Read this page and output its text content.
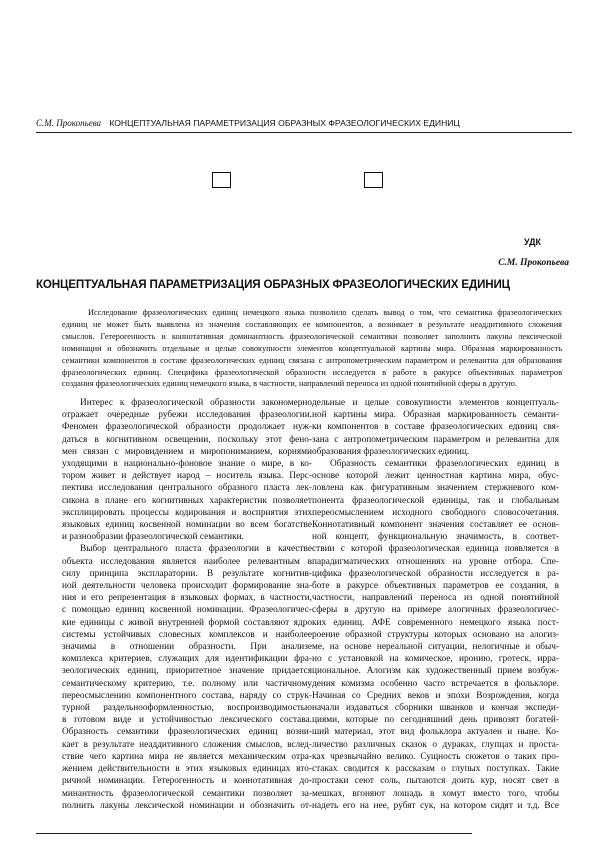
С.М. Прокопьева КОНЦЕПТУАЛЬНАЯ ПАРАМЕТРИЗАЦИЯ ОБРАЗНЫХ ФРАЗЕОЛОГИЧЕСКИХ ЕДИНИЦ
УДК
С.М. Прокопьева
КОНЦЕПТУАЛЬНАЯ ПАРАМЕТРИЗАЦИЯ ОБРАЗНЫХ ФРАЗЕОЛОГИЧЕСКИХ ЕДИНИЦ
Исследование фразеологических единиц немецкого языка позволило сделать вывод о том, что семантика фразеологических
единиц не может быть выявлена из значения составляющих ее компонентов, а возникает в результате неаддитивного сложения
смыслов. Гетерогенность и коннотативная доминантность фразеологической семантики позволяет заполнить лакуны лексической
номинации и обозначить отдельные и целые совокупности элементов концептуальной картины мира. Образная маркированность
семантики компонентов в составе фразеологических единиц связана с антропометрическим параметром и релевантна для образования
фразеологических единиц. Специфика фразеологической образности исследуется в работе в ракурсе объективных параметров
создания фразеологических единиц немецкого языка, в частности, направлений переноса из одной понятийной сферы в другую.
Интерес к фразеологической образности закономерно
отражает очередные рубежи исследования фразеологии.
Феномен фразеологической образности продолжает нуж-
даться в когнитивном освещении, поскольку этот фено-
мен связан с мировидением и миропониманием, корнями
уходящими в национально-фоновое знание о мире, в ко-
тором живет и действует народ – носитель языка. Перс-
пектива исследования центрального образного пласта лек-
сикона в плане его когнитивных характеристик позволяет
эксплицировать процессы кодирования и восприятия этих
языковых единиц косвенной номинации во всем богатстве
и разнообразии фразеологической семантики.
Выбор центрального пласта фразеологии в качестве
объекта исследования является наиболее релевантным в
силу принципа экспларатории. В результате когнитив-
ной деятельности человека происходит формирование зна-
ния и его репрезентация в языковых формах, в частности,
с помощью единиц косвенной номинации. Фразеологичес-
кие единицы с живой внутренней формой составляют ядро
системы устойчивых словесных комплексов и наиболее
значимы в отношении образности. При анализе
комплекса критериев, служащих для идентификации фра-
зеологических единиц, приоритетное значение придается
семантическому критерию, т.е. полному или частичному
переосмыслению компонентного состава, наряду со струк-
турной раздельнооформленностью, воспроизводимостью
в готовом виде и устойчивостью лексического состава.
Образность семантики фразеологических единиц возни-
кает в результате неаддитивного сложения смыслов, вслед-
ствие чего картина мира не является механическим отра-
жением действительности в этих языковых единицах вто-
ричной номинации. Гетерогенность и коннотативная до-
минантность фразеологической семантики позволяет за-
полнить лакуны лексической номинации и обозначить от-
дельные и целые совокупности элементов концептуаль-
ной картины мира. Образная маркированность семанти-
ки компонентов в составе фразеологических единиц свя-
зана с антропометрическим параметром и релевантна для
образования фразеологических единиц.
Образность семантики фразеологических единиц в
основе которой лежит ценностная картина мира, обус-
ловлена как фигуративным значением стержневого ком-
понента фразеологической единицы, так и глобальным
переосмыслением исходного свободного словосочетания.
Коннотативный компонент значения составляет ее основ-
ной концепт, функциональную значимость, в соответ-
ствии с которой фразеологическая единица появляется в
парадигматических отношениях на уровне отбора. Спе-
цифика фразеологической образности исследуется в ра-
боте в ракурсе объективных параметров ее создания, в
частности, направлений переноса из одной понятийной
сферы в другую на примере алогичных фразеологичес-
ких единиц. АФЕ современного немецкого языка пост-
роение образной структуры которых основано на алогиз-
ме, на основе нереальной ситуации, нелогичные и обыч-
но с установкой на комическое, иронию, гротеск, ирра-
циональное. Алогизм как художественный прием возбуж-
дения комизма особенно часто встречается в фольклоре.
Начиная со Средних веков и эпохи Возрождения, когда
начали издаваться сборники шванков и кончая экспеди-
циями, которые по сегодняшний день привозят богатей-
ший материал, этот вид фольклора актуален и ныне. Ко-
личество различных сказок о дураках, глупцах и проста-
ках чрезвычайно велико. Сущность сюжетов о таких про-
стаках сводится к рассказам о глупых поступках. Такие
простаки сеют соль, пытаются доить кур, носят свет в
мешках, вгоняют лошадь в хомут вместо того, чтобы
надеть его на нее, рубят сук, на котором сидят и т.д. Все
